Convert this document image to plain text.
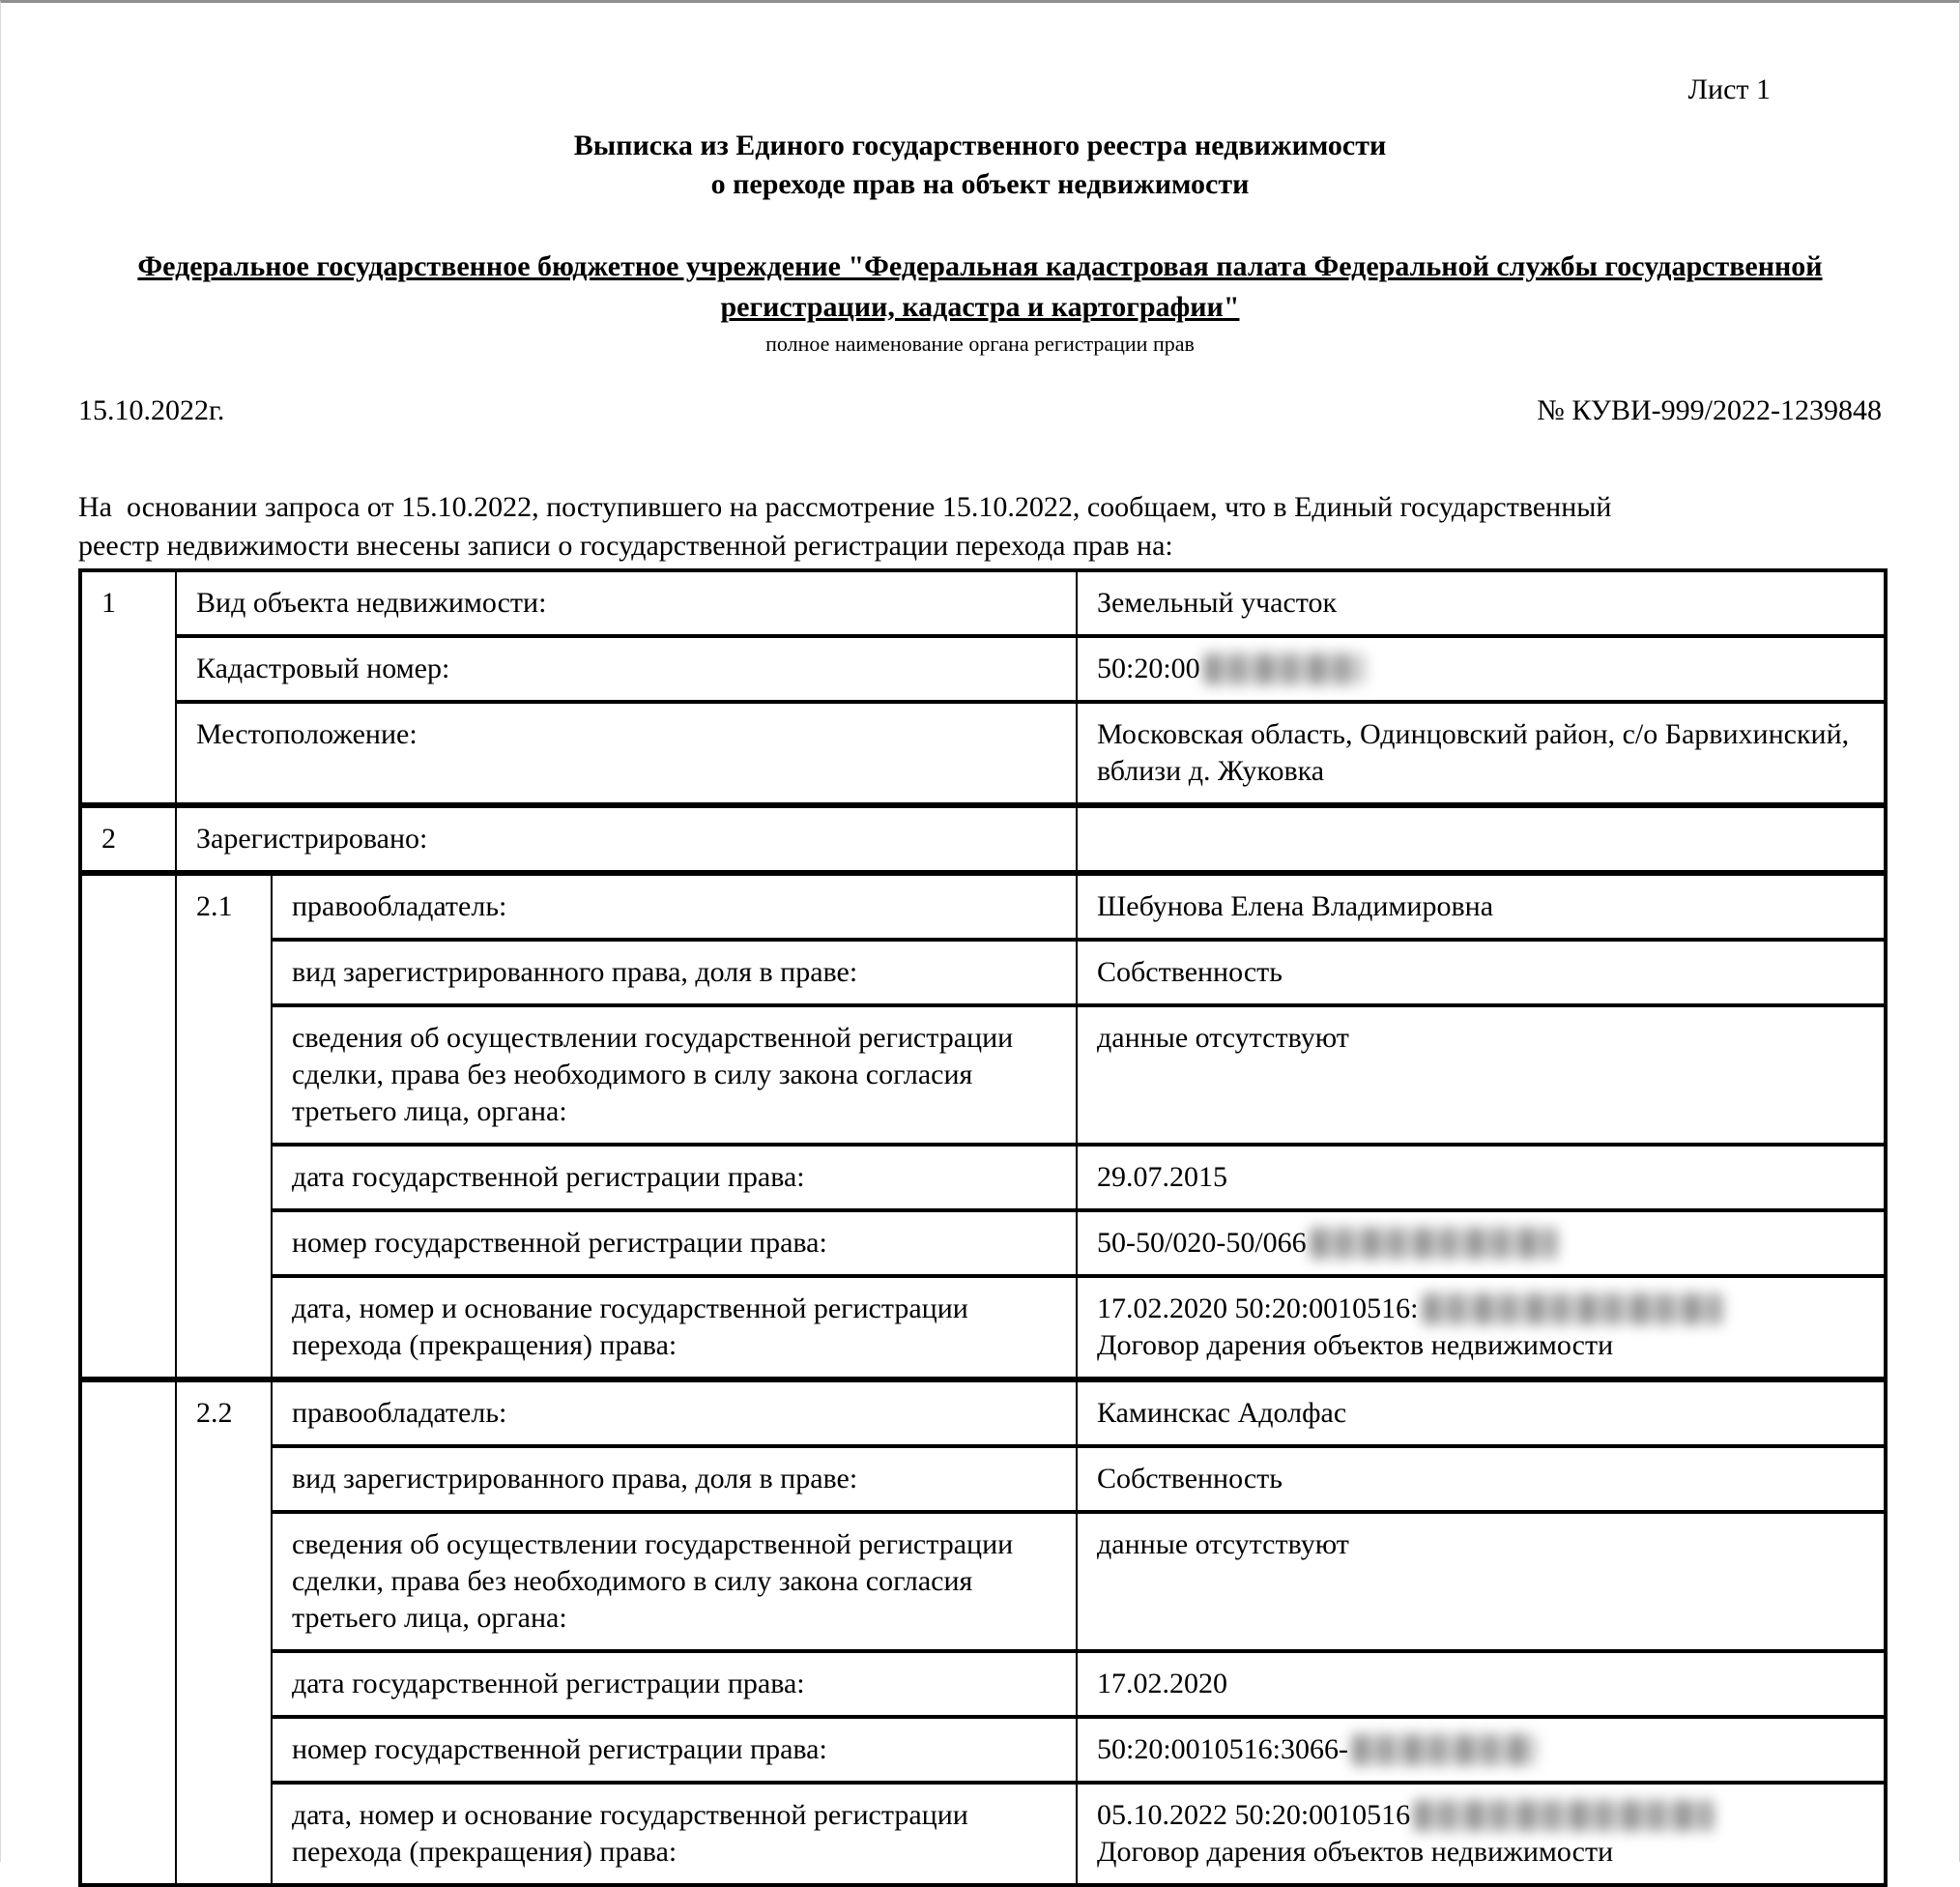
Лист 1
Выписка из Единого государственного реестра недвижимости
о переходе прав на объект недвижимости
Федеральное государственное бюджетное учреждение "Федеральная кадастровая палата Федеральной службы государственной
регистрации, кадастра и картографии"
полное наименование органа регистрации прав
15.10.2022г.	№ КУВИ-999/2022-1239848
На  основании запроса от 15.10.2022, поступившего на рассмотрение 15.10.2022, сообщаем, что в Единый государственный
реестр недвижимости внесены записи о государственной регистрации перехода прав на:
1	Вид объекта недвижимости:		Земельный участок
	Кадастровый номер:		50:20:00
	Местоположение:		Московская область, Одинцовский район, с/о Барвихинский, вблизи д. Жуковка
2	Зарегистрировано:		
	2.1	правообладатель:	Шебунова Елена Владимировна
		вид зарегистрированного права, доля в праве:	Собственность
		сведения об осуществлении государственной регистрации сделки, права без необходимого в силу закона согласия третьего лица, органа:	данные отсутствуют
		дата государственной регистрации права:	29.07.2015
		номер государственной регистрации права:	50-50/020-50/066
		дата, номер и основание государственной регистрации перехода (прекращения) права:	17.02.2020 50:20:0010516:
Договор дарения объектов недвижимости

	2.2	правообладатель:	Каминскас Адолфас
		вид зарегистрированного права, доля в праве:	Собственность
		сведения об осуществлении государственной регистрации сделки, права без необходимого в силу закона согласия третьего лица, органа:	данные отсутствуют
		дата государственной регистрации права:	17.02.2020
		номер государственной регистрации права:	50:20:0010516:3066-
		дата, номер и основание государственной регистрации перехода (прекращения) права:	05.10.2022 50:20:0010516
Договор дарения объектов недвижимости
